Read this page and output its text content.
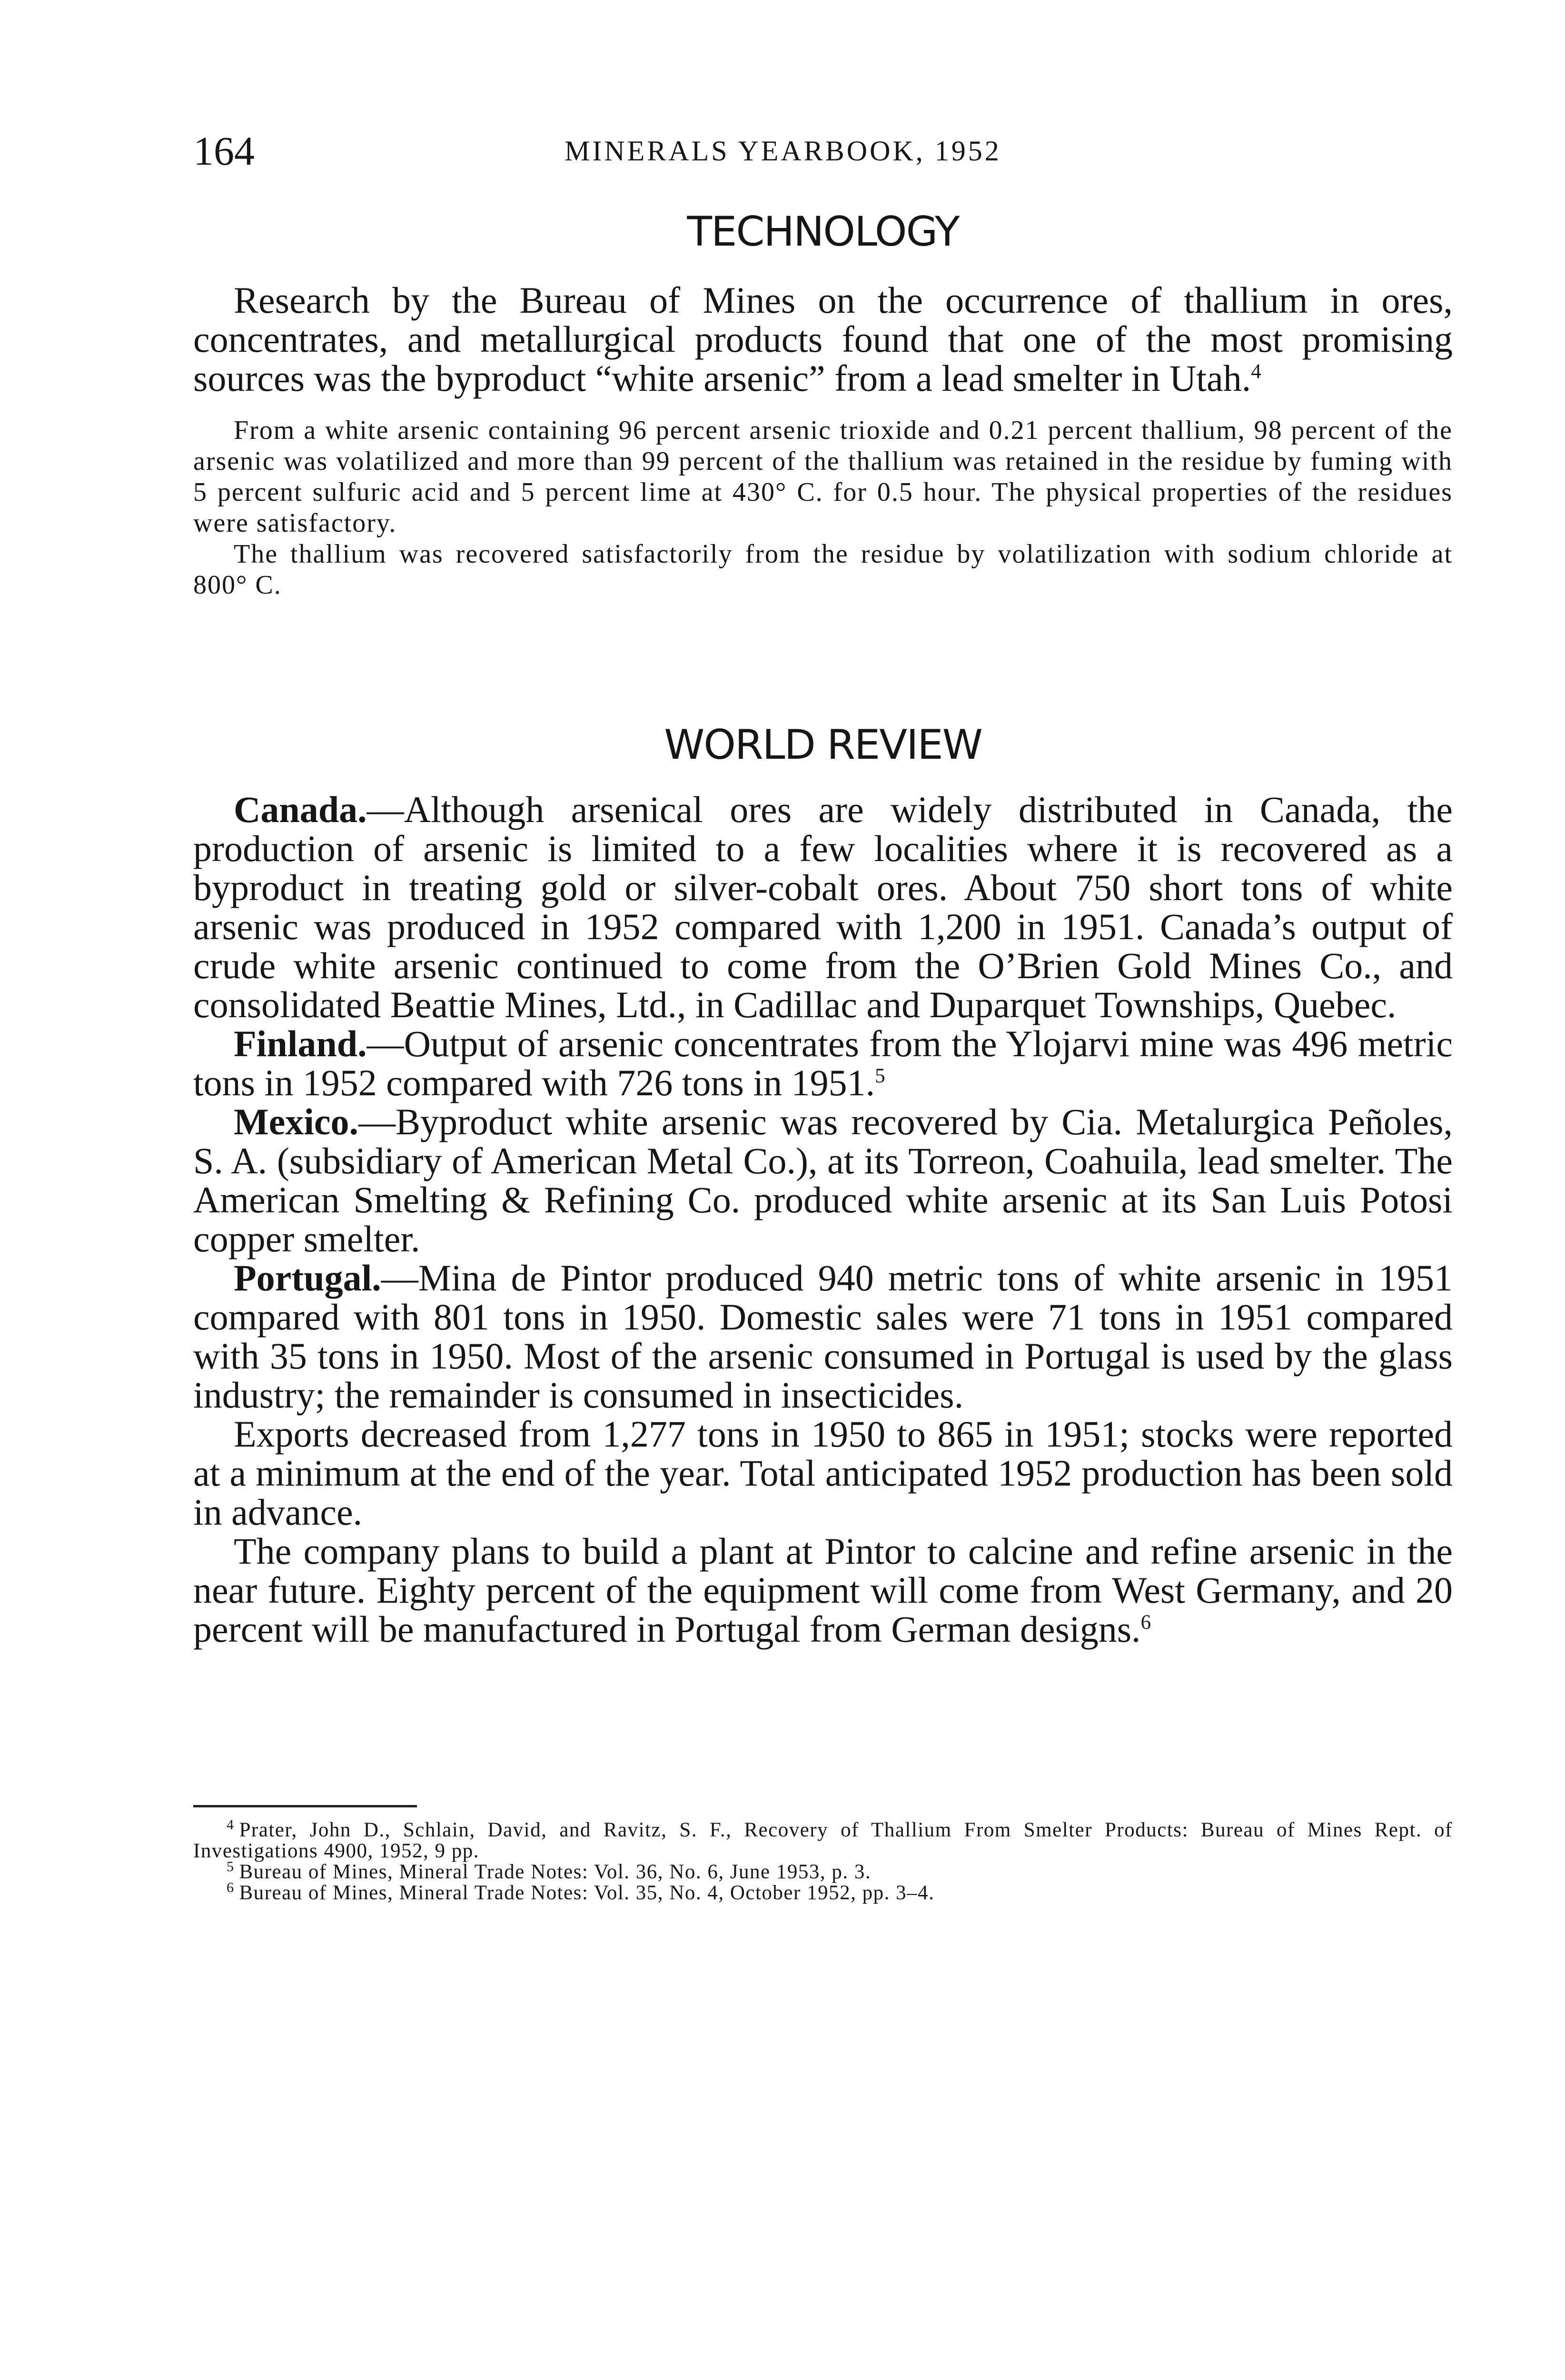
164	MINERALS YEARBOOK, 1952
TECHNOLOGY

Research by the Bureau of Mines on the occurrence of thallium in ores, concentrates, and metallurgical products found that one of the most promising sources was the byproduct “white arsenic” from a lead smelter in Utah.$^4$

From a white arsenic containing 96 percent arsenic trioxide and 0.21 percent thallium, 98 percent of the arsenic was volatilized and more than 99 percent of the thallium was retained in the residue by fuming with 5 percent sulfuric acid and 5 percent lime at 430° C. for 0.5 hour. The physical properties of the residues were satisfactory.

The thallium was recovered satisfactorily from the residue by volatilization with sodium chloride at 800° C.

WORLD REVIEW

Canada.—Although arsenical ores are widely distributed in Canada, the production of arsenic is limited to a few localities where it is recovered as a byproduct in treating gold or silver-cobalt ores. About 750 short tons of white arsenic was produced in 1952 compared with 1,200 in 1951. Canada’s output of crude white arsenic continued to come from the O’Brien Gold Mines Co., and consolidated Beattie Mines, Ltd., in Cadillac and Duparquet Townships, Quebec.

Finland.—Output of arsenic concentrates from the Ylojarvi mine was 496 metric tons in 1952 compared with 726 tons in 1951.$^5$

Mexico.—Byproduct white arsenic was recovered by Cia. Metalurgica Peñoles, S. A. (subsidiary of American Metal Co.), at its Torreon, Coahuila, lead smelter. The American Smelting & Refining Co. produced white arsenic at its San Luis Potosi copper smelter.

Portugal.—Mina de Pintor produced 940 metric tons of white arsenic in 1951 compared with 801 tons in 1950. Domestic sales were 71 tons in 1951 compared with 35 tons in 1950. Most of the arsenic consumed in Portugal is used by the glass industry; the remainder is consumed in insecticides.

Exports decreased from 1,277 tons in 1950 to 865 in 1951; stocks were reported at a minimum at the end of the year. Total anticipated 1952 production has been sold in advance.

The company plans to build a plant at Pintor to calcine and refine arsenic in the near future. Eighty percent of the equipment will come from West Germany, and 20 percent will be manufactured in Portugal from German designs.$^6$

$^4$ Prater, John D., Schlain, David, and Ravitz, S. F., Recovery of Thallium From Smelter Products: Bureau of Mines Rept. of Investigations 4900, 1952, 9 pp.

$^5$ Bureau of Mines, Mineral Trade Notes: Vol. 36, No. 6, June 1953, p. 3.

$^6$ Bureau of Mines, Mineral Trade Notes: Vol. 35, No. 4, October 1952, pp. 3–4.
